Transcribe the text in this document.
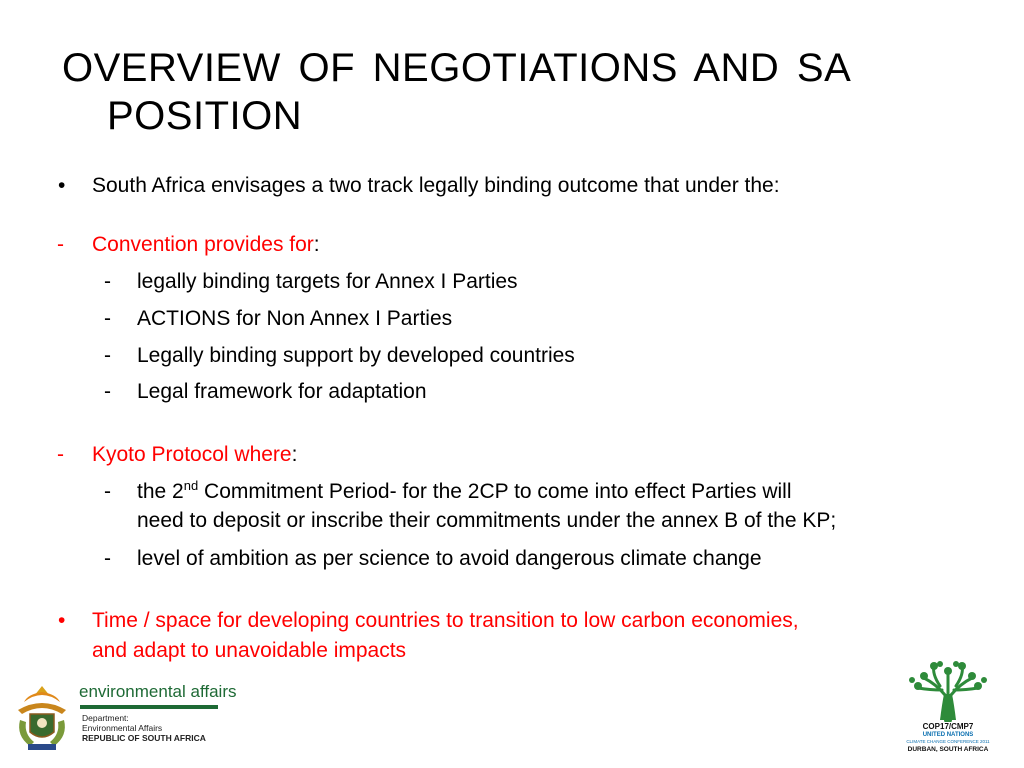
OVERVIEW OF NEGOTIATIONS AND SA
POSITION
• South Africa envisages a two track legally binding outcome that under the:
- Convention provides for:
- legally binding targets for Annex I Parties
- ACTIONS for Non Annex I Parties
- Legally binding support by developed countries
- Legal framework for adaptation
- Kyoto Protocol where:
- the 2nd Commitment Period- for the 2CP to come into effect Parties will
need to deposit or inscribe their commitments under the annex B of the KP;
- level of ambition as per science to avoid dangerous climate change
• Time / space for developing countries to transition to low carbon economies,
and adapt to unavoidable impacts
environmental affairs
Department:
Environmental Affairs
REPUBLIC OF SOUTH AFRICA
COP17/CMP7
UNITED NATIONS
CLIMATE CHANGE CONFERENCE 2011
DURBAN, SOUTH AFRICA
